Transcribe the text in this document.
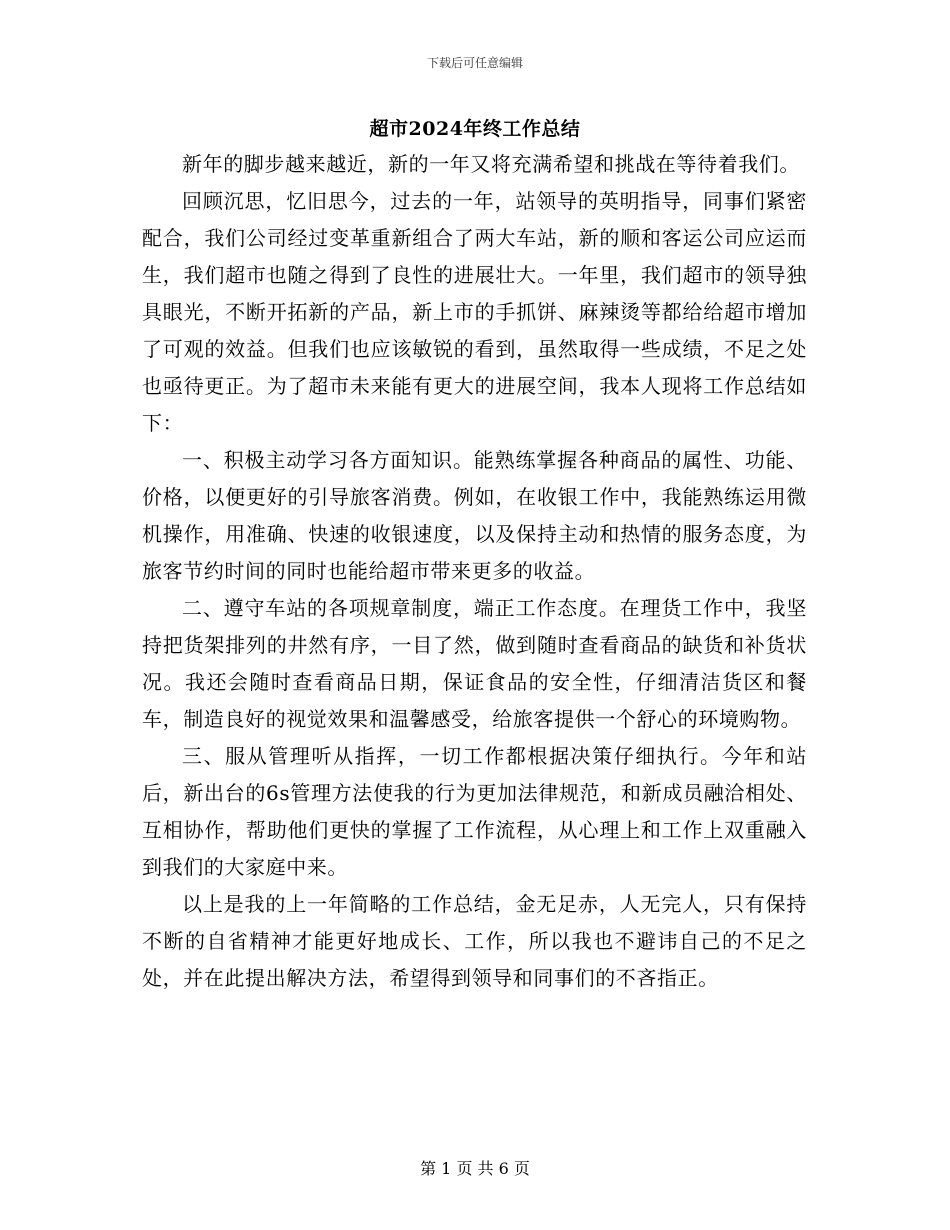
下载后可任意编辑
超市2024年终工作总结

新年的脚步越来越近，新的一年又将充满希望和挑战在等待着我们。

回顾沉思，忆旧思今，过去的一年，站领导的英明指导，同事们紧密配合，我们公司经过变革重新组合了两大车站，新的顺和客运公司应运而生，我们超市也随之得到了良性的进展壮大。一年里，我们超市的领导独具眼光，不断开拓新的产品，新上市的手抓饼、麻辣烫等都给给超市增加了可观的效益。但我们也应该敏锐的看到，虽然取得一些成绩，不足之处也亟待更正。为了超市未来能有更大的进展空间，我本人现将工作总结如下：

一、积极主动学习各方面知识。能熟练掌握各种商品的属性、功能、价格，以便更好的引导旅客消费。例如，在收银工作中，我能熟练运用微机操作，用准确、快速的收银速度，以及保持主动和热情的服务态度，为旅客节约时间的同时也能给超市带来更多的收益。

二、遵守车站的各项规章制度，端正工作态度。在理货工作中，我坚持把货架排列的井然有序，一目了然，做到随时查看商品的缺货和补货状况。我还会随时查看商品日期，保证食品的安全性，仔细清洁货区和餐车，制造良好的视觉效果和温馨感受，给旅客提供一个舒心的环境购物。

三、服从管理听从指挥，一切工作都根据决策仔细执行。今年和站后，新出台的6s管理方法使我的行为更加法律规范，和新成员融洽相处、互相协作，帮助他们更快的掌握了工作流程，从心理上和工作上双重融入到我们的大家庭中来。

以上是我的上一年简略的工作总结，金无足赤，人无完人，只有保持不断的自省精神才能更好地成长、工作，所以我也不避讳自己的不足之处，并在此提出解决方法，希望得到领导和同事们的不吝指正。

第 1 页 共 6 页
